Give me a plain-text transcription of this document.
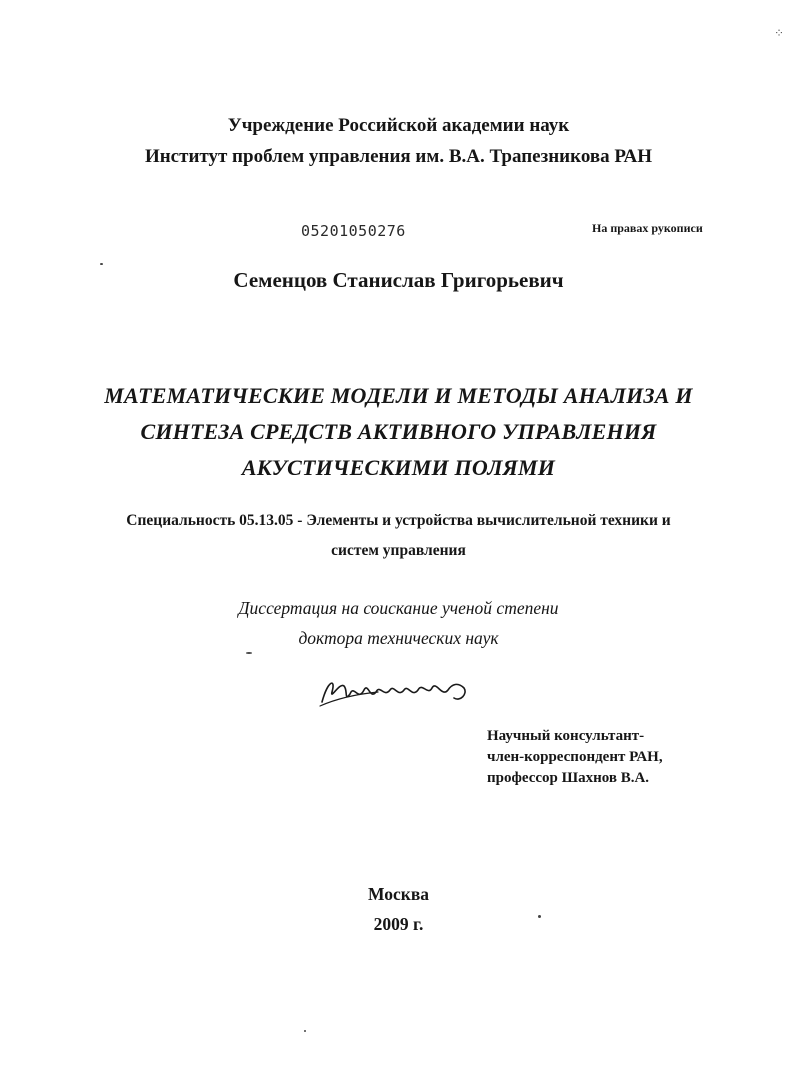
⁘
Учреждение Российской академии наук
Институт проблем управления им. В.А. Трапезникова РАН
05201050276	На правах рукописи
Семенцов Станислав Григорьевич
МАТЕМАТИЧЕСКИЕ МОДЕЛИ И МЕТОДЫ АНАЛИЗА И
СИНТЕЗА СРЕДСТВ АКТИВНОГО УПРАВЛЕНИЯ
АКУСТИЧЕСКИМИ ПОЛЯМИ
Специальность 05.13.05 - Элементы и устройства вычислительной техники и
систем управления
Диссертация на соискание ученой степени
доктора технических наук
Научный консультант-
член-корреспондент РАН,
профессор Шахнов В.А.
Москва
2009 г.
